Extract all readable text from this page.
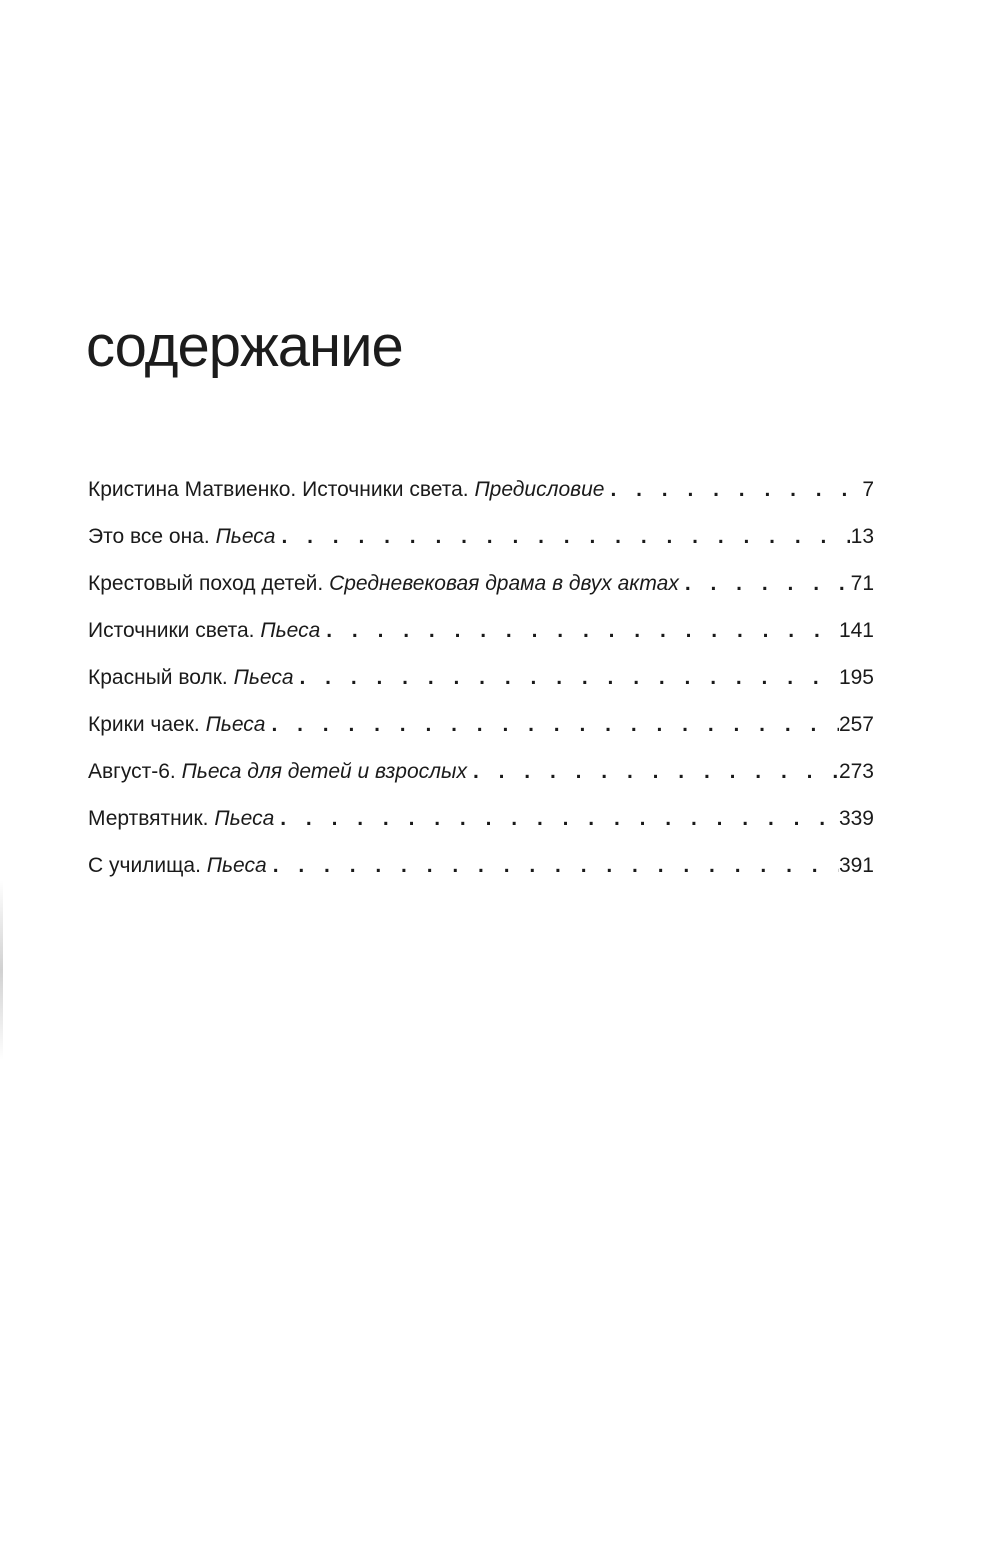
содержание
Кристина Матвиенко. Источники света. Предисловие . . .	7
Это все она. Пьеса . . .	13
Крестовый поход детей. Средневековая драма в двух актах . . .	71
Источники света. Пьеса . . .	141
Красный волк. Пьеса . . .	195
Крики чаек. Пьеса . . .	257
Август-6. Пьеса для детей и взрослых . . .	273
Мертвятник. Пьеса . . .	339
С училища. Пьеса . . .	391
